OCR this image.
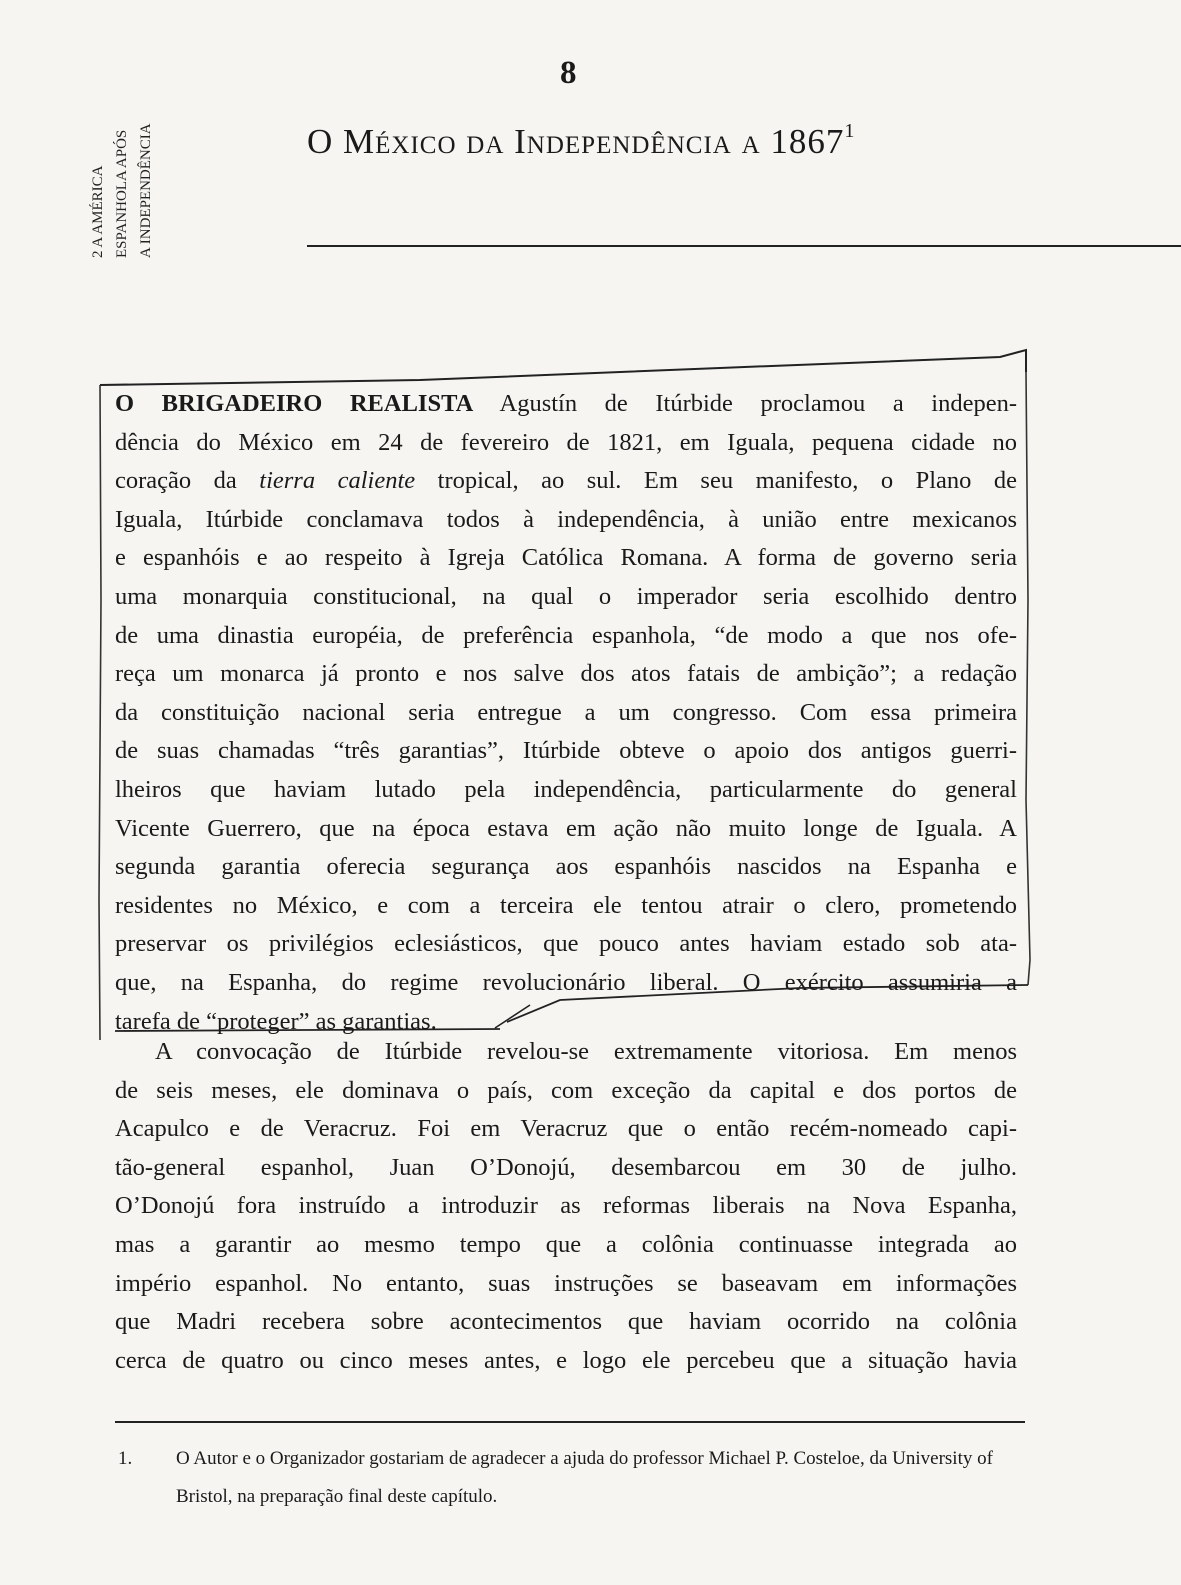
2 A AMÉRICA ESPANHOLA APÓS A INDEPENDÊNCIA
8
O México da Independência a 1867$^1$
O BRIGADEIRO REALISTA Agustín de Itúrbide proclamou a indepen-
dência do México em 24 de fevereiro de 1821, em Iguala, pequena cidade no
coração da tierra caliente tropical, ao sul. Em seu manifesto, o Plano de
Iguala, Itúrbide conclamava todos à independência, à união entre mexicanos
e espanhóis e ao respeito à Igreja Católica Romana. A forma de governo seria
uma monarquia constitucional, na qual o imperador seria escolhido dentro
de uma dinastia européia, de preferência espanhola, “de modo a que nos ofe-
reça um monarca já pronto e nos salve dos atos fatais de ambição”; a redação
da constituição nacional seria entregue a um congresso. Com essa primeira
de suas chamadas “três garantias”, Itúrbide obteve o apoio dos antigos guerri-
lheiros que haviam lutado pela independência, particularmente do general
Vicente Guerrero, que na época estava em ação não muito longe de Iguala. A
segunda garantia oferecia segurança aos espanhóis nascidos na Espanha e
residentes no México, e com a terceira ele tentou atrair o clero, prometendo
preservar os privilégios eclesiásticos, que pouco antes haviam estado sob ata-
que, na Espanha, do regime revolucionário liberal. O exército assumiria a
tarefa de “proteger” as garantias.
A convocação de Itúrbide revelou-se extremamente vitoriosa. Em menos
de seis meses, ele dominava o país, com exceção da capital e dos portos de
Acapulco e de Veracruz. Foi em Veracruz que o então recém-nomeado capi-
tão-general espanhol, Juan O’Donojú, desembarcou em 30 de julho.
O’Donojú fora instruído a introduzir as reformas liberais na Nova Espanha,
mas a garantir ao mesmo tempo que a colônia continuasse integrada ao
império espanhol. No entanto, suas instruções se baseavam em informações
que Madri recebera sobre acontecimentos que haviam ocorrido na colônia
cerca de quatro ou cinco meses antes, e logo ele percebeu que a situação havia
1. O Autor e o Organizador gostariam de agradecer a ajuda do professor Michael P. Costeloe, da University of Bristol, na preparação final deste capítulo.
